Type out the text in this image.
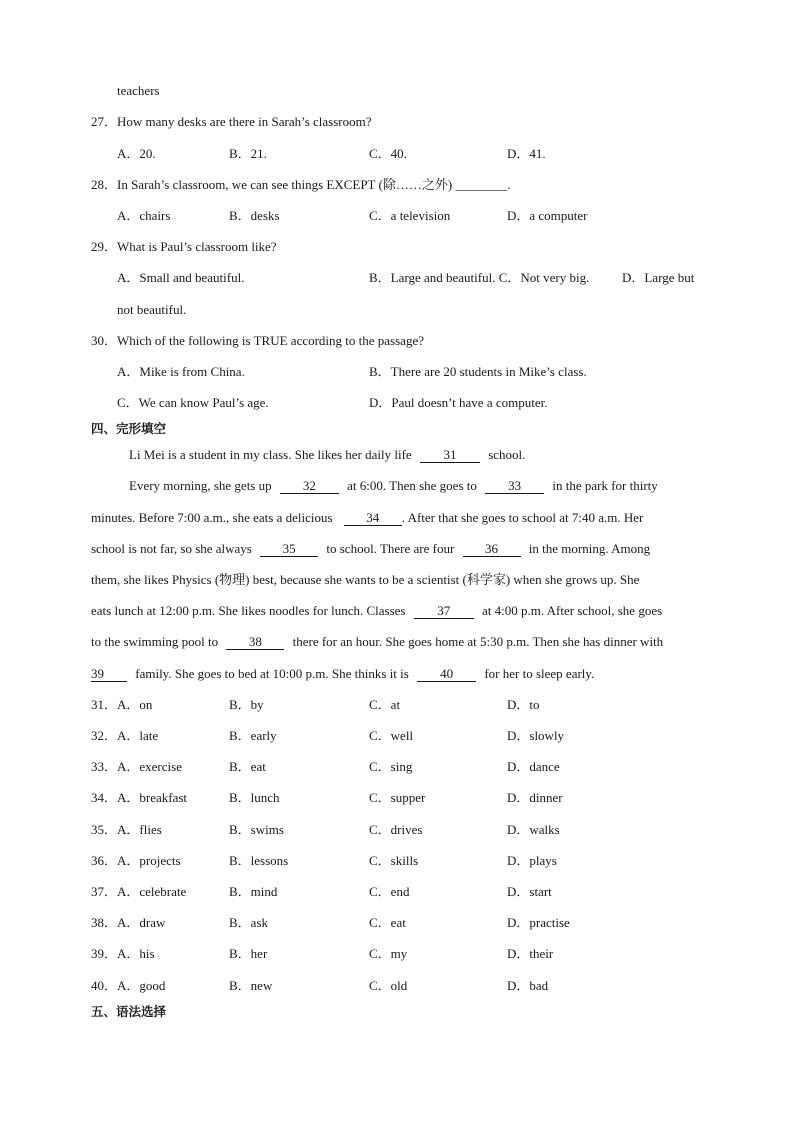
teachers
27．How many desks are there in Sarah’s classroom?
A．20.	B．21.	C．40.	D．41.
28．In Sarah’s classroom, we can see things EXCEPT (除……之外) ________.
A．chairs	B．desks	C．a television	D．a computer
29．What is Paul’s classroom like?
A．Small and beautiful.	B．Large and beautiful. C．Not very big.	D．Large but
not beautiful.
30．Which of the following is TRUE according to the passage?
A．Mike is from China.	B．There are 20 students in Mike’s class.
C．We can know Paul’s age.	D．Paul doesn’t have a computer.
四、完形填空
Li Mei is a student in my class. She likes her daily life 31 school.
Every morning, she gets up 32 at 6:00. Then she goes to 33 in the park for thirty
minutes. Before 7:00 a.m., she eats a delicious	34 . After that she goes to school at 7:40 a.m. Her
school is not far, so she always 35 to school. There are four 36 in the morning. Among
them, she likes Physics (物理) best, because she wants to be a scientist (科学家) when she grows up. She
eats lunch at 12:00 p.m. She likes noodles for lunch. Classes 37 at 4:00 p.m. After school, she goes
to the swimming pool to 38 there for an hour. She goes home at 5:30 p.m. Then she has dinner with
39 family. She goes to bed at 10:00 p.m. She thinks it is 40 for her to sleep early.
31． A．on	B．by	C．at	D．to
32． A．late	B．early	C．well	D．slowly
33． A．exercise	B．eat	C．sing	D．dance
34． A．breakfast	B．lunch	C．supper	D．dinner
35． A．flies	B．swims	C．drives	D．walks
36． A．projects	B．lessons	C．skills	D．plays
37． A．celebrate	B．mind	C．end	D．start
38． A．draw	B．ask	C．eat	D．practise
39． A．his	B．her	C．my	D．their
40． A．good	B．new	C．old	D．bad
五、语法选择
